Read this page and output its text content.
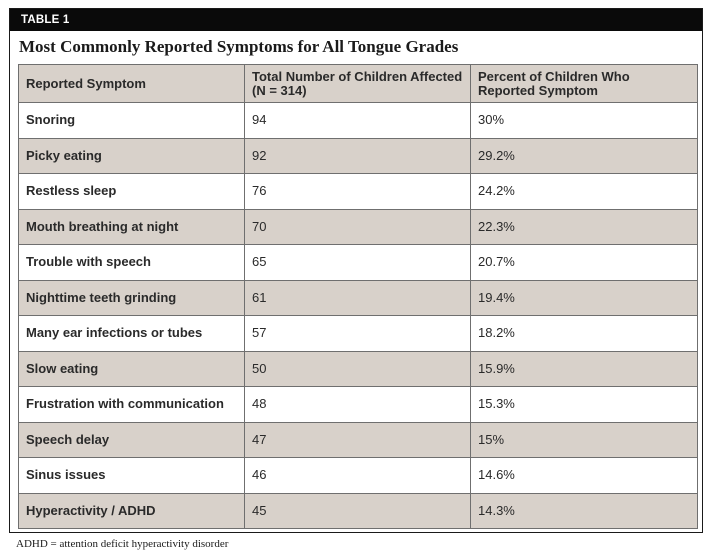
TABLE 1
Most Commonly Reported Symptoms for All Tongue Grades
Reported Symptom	Total Number of Children Affected (N = 314)	Percent of Children Who Reported Symptom
Snoring	94	30%
Picky eating	92	29.2%
Restless sleep	76	24.2%
Mouth breathing at night	70	22.3%
Trouble with speech	65	20.7%
Nighttime teeth grinding	61	19.4%
Many ear infections or tubes	57	18.2%
Slow eating	50	15.9%
Frustration with communication	48	15.3%
Speech delay	47	15%
Sinus issues	46	14.6%
Hyperactivity / ADHD	45	14.3%
ADHD = attention deficit hyperactivity disorder
